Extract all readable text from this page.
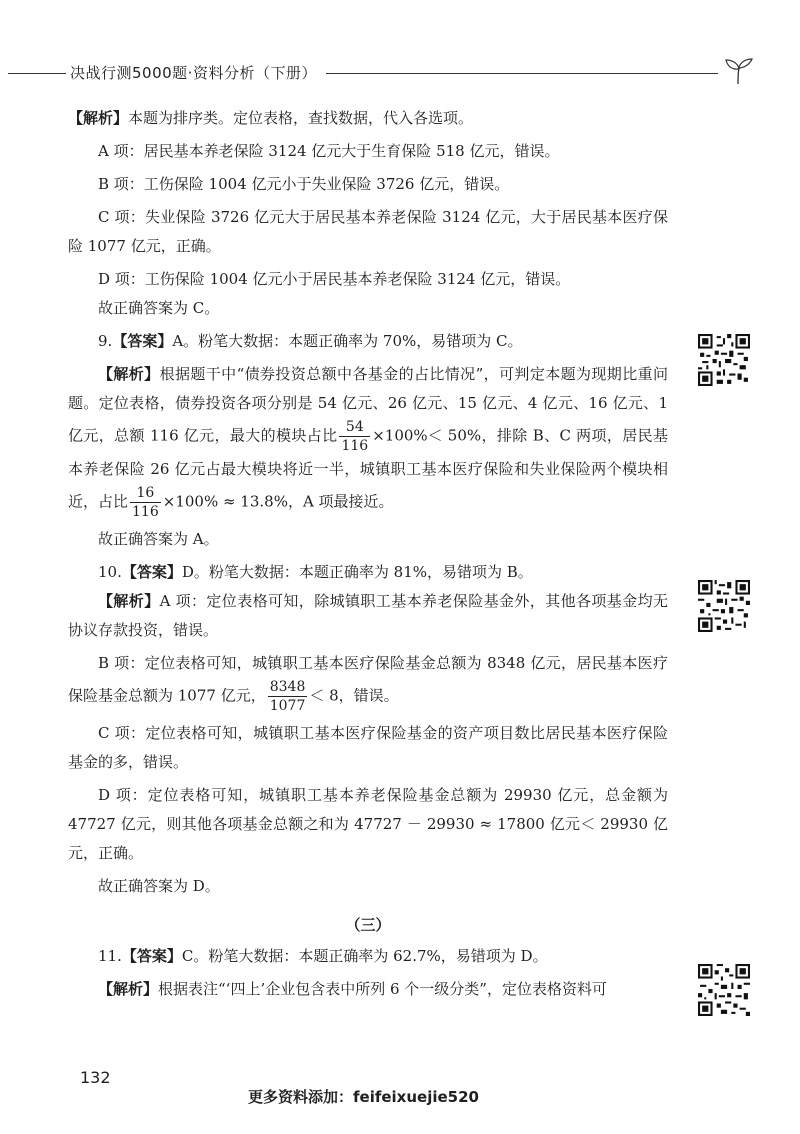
决战行测5000题·资料分析（下册）

【解析】本题为排序类。定位表格，查找数据，代入各选项。

A 项：居民基本养老保险 3124 亿元大于生育保险 518 亿元，错误。

B 项：工伤保险 1004 亿元小于失业保险 3726 亿元，错误。

C 项：失业保险 3726 亿元大于居民基本养老保险 3124 亿元，大于居民基本医疗保险 1077 亿元，正确。

D 项：工伤保险 1004 亿元小于居民基本养老保险 3124 亿元，错误。

故正确答案为 C。

9.【答案】A。粉笔大数据：本题正确率为 70%，易错项为 C。

【解析】根据题干中“债券投资总额中各基金的占比情况”，可判定本题为现期比重问题。定位表格，债券投资各项分别是 54 亿元、26 亿元、15 亿元、4 亿元、16 亿元、1 亿元，总额 116 亿元，最大的模块占比 $\frac{54}{116} \times 100\%< 50\%$，排除 B、C 两项，居民基本养老保险 26 亿元占最大模块将近一半，城镇职工基本医疗保险和失业保险两个模块相近，占比 $\frac{16}{116} \times 100\% \approx 13.8\%$，A 项最接近。

故正确答案为 A。

10.【答案】D。粉笔大数据：本题正确率为 81%，易错项为 B。

【解析】A 项：定位表格可知，除城镇职工基本养老保险基金外，其他各项基金均无协议存款投资，错误。

B 项：定位表格可知，城镇职工基本医疗保险基金总额为 8348 亿元，居民基本医疗保险基金总额为 1077 亿元， $\frac{8348}{1077} < 8$，错误。

C 项：定位表格可知，城镇职工基本医疗保险基金的资产项目数比居民基本医疗保险基金的多，错误。

D 项：定位表格可知，城镇职工基本养老保险基金总额为 29930 亿元，总金额为 47727 亿元，则其他各项基金总额之和为 47727 － 29930 ≈ 17800 亿元＜ 29930 亿元，正确。

故正确答案为 D。

（三）

11.【答案】C。粉笔大数据：本题正确率为 62.7%，易错项为 D。

【解析】根据表注“‘四上’企业包含表中所列 6 个一级分类”，定位表格资料可

132
更多资料添加：feifeixuejie520
